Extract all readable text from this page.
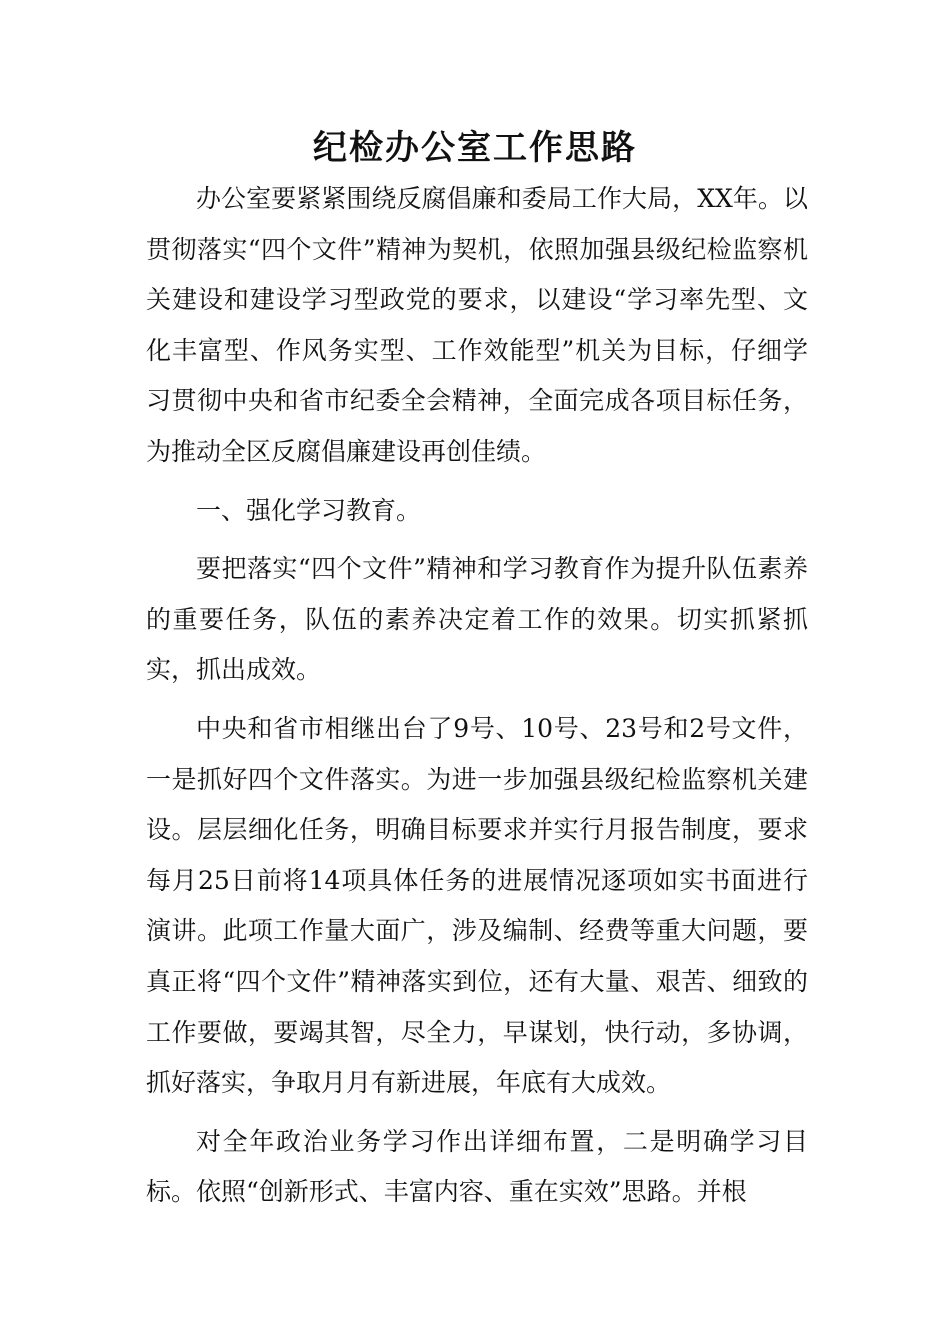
纪检办公室工作思路

办公室要紧紧围绕反腐倡廉和委局工作大局，XX年。以贯彻落实“四个文件”精神为契机，依照加强县级纪检监察机关建设和建设学习型政党的要求，以建设“学习率先型、文化丰富型、作风务实型、工作效能型”机关为目标，仔细学习贯彻中央和省市纪委全会精神，全面完成各项目标任务，为推动全区反腐倡廉建设再创佳绩。

一、强化学习教育。

要把落实“四个文件”精神和学习教育作为提升队伍素养的重要任务，队伍的素养决定着工作的效果。切实抓紧抓实，抓出成效。

中央和省市相继出台了9号、10号、23号和2号文件，一是抓好四个文件落实。为进一步加强县级纪检监察机关建设。层层细化任务，明确目标要求并实行月报告制度，要求每月25日前将14项具体任务的进展情况逐项如实书面进行演讲。此项工作量大面广，涉及编制、经费等重大问题，要真正将“四个文件”精神落实到位，还有大量、艰苦、细致的工作要做，要竭其智，尽全力，早谋划，快行动，多协调，抓好落实，争取月月有新进展，年底有大成效。

对全年政治业务学习作出详细布置，二是明确学习目标。依照“创新形式、丰富内容、重在实效”思路。并根
